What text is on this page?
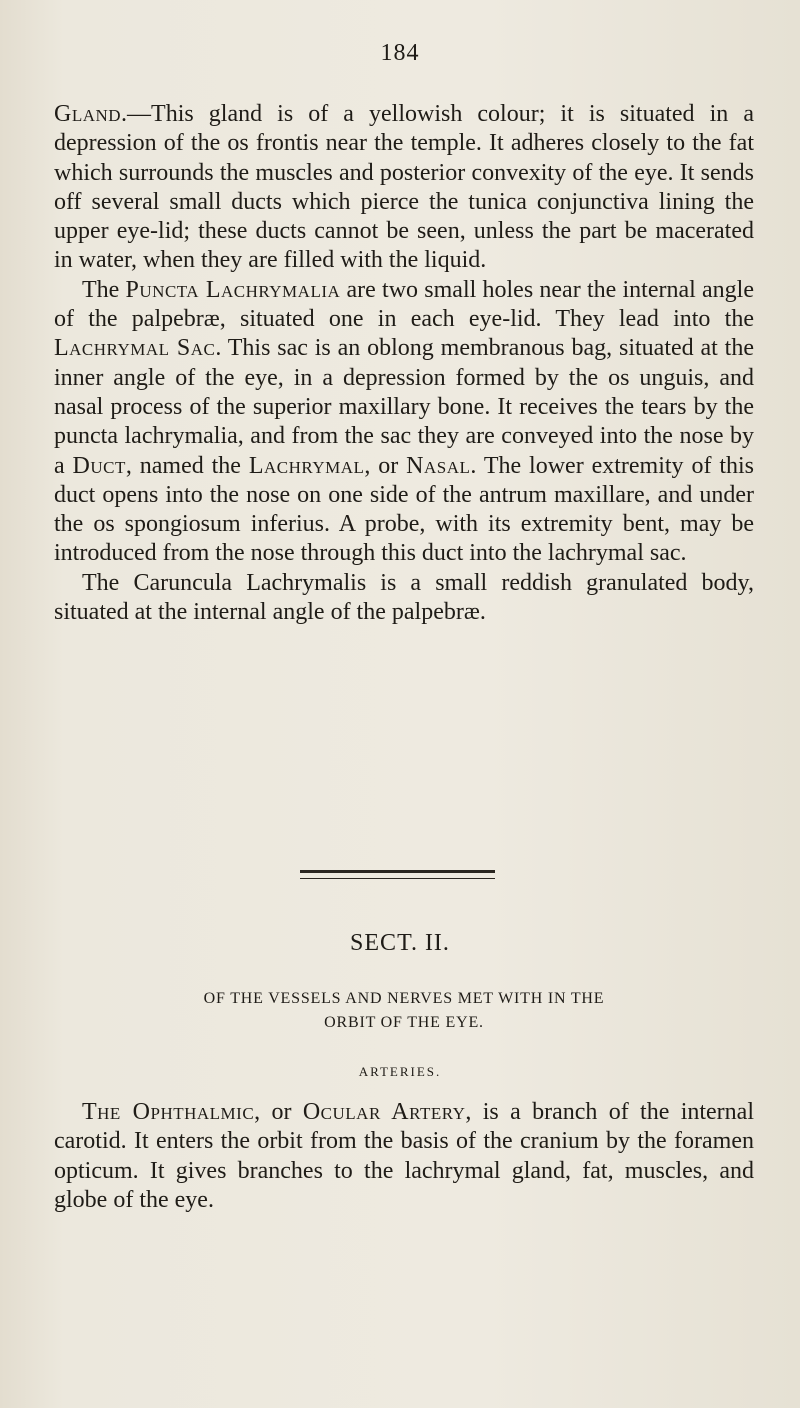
184

Gland.—This gland is of a yellowish colour; it is situated in a depression of the os frontis near the temple. It adheres closely to the fat which surrounds the muscles and posterior convexity of the eye. It sends off several small ducts which pierce the tunica conjunctiva lining the upper eye-lid; these ducts cannot be seen, unless the part be macerated in water, when they are filled with the liquid.

The Puncta Lachrymalia are two small holes near the internal angle of the palpebræ, situated one in each eye-lid. They lead into the Lachrymal Sac. This sac is an oblong membranous bag, situated at the inner angle of the eye, in a depression formed by the os unguis, and nasal process of the superior maxillary bone. It receives the tears by the puncta lachrymalia, and from the sac they are conveyed into the nose by a Duct, named the Lachrymal, or Nasal. The lower extremity of this duct opens into the nose on one side of the antrum maxillare, and under the os spongiosum inferius. A probe, with its extremity bent, may be introduced from the nose through this duct into the lachrymal sac.

The Caruncula Lachrymalis is a small reddish granulated body, situated at the internal angle of the palpebræ.

SECT. II.
OF THE VESSELS AND NERVES MET WITH IN THE
ORBIT OF THE EYE.
ARTERIES.

The Ophthalmic, or Ocular Artery, is a branch of the internal carotid. It enters the orbit from the basis of the cranium by the foramen opticum. It gives branches to the lachrymal gland, fat, muscles, and globe of the eye.
